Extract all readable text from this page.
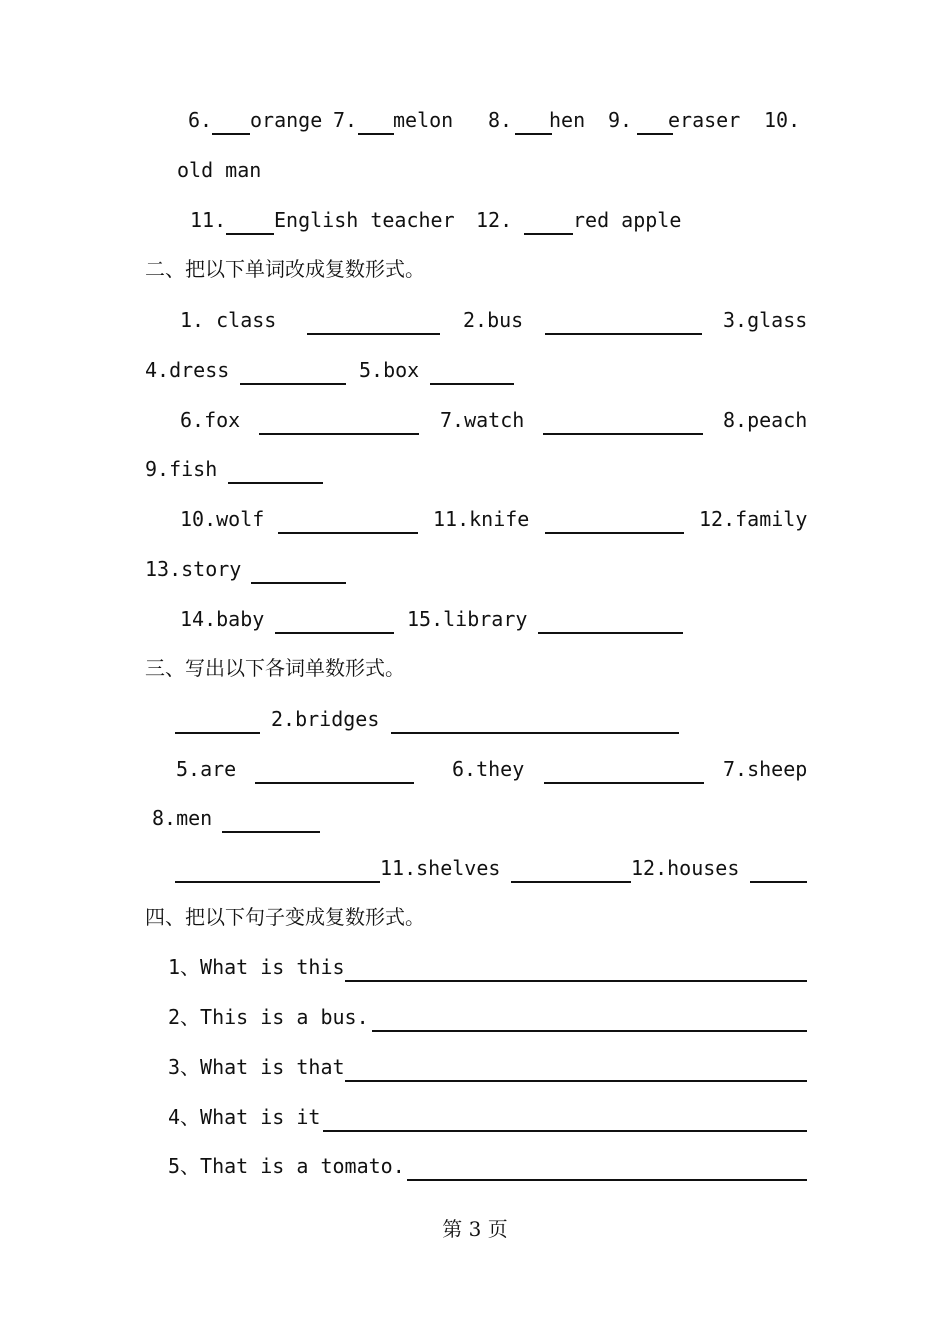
6. orange 7. melon 8. hen 9. eraser 10.
old man
11. English teacher 12.	red apple
二、把以下单词改成复数形式。
1. class	2.bus	3.glass
4.dress	5.box
6.fox	7.watch	8.peach
9.fish
10.wolf	11.knife	12.family
13.story
14.baby	15.library
三、写出以下各词单数形式。
2.bridges
5.are	6.they	7.sheep
8.men
11.shelves	12.houses
四、把以下句子变成复数形式。
1、What is this
2、This is a bus.
3、What is that
4、What is it
5、That is a tomato.
第 3 页
